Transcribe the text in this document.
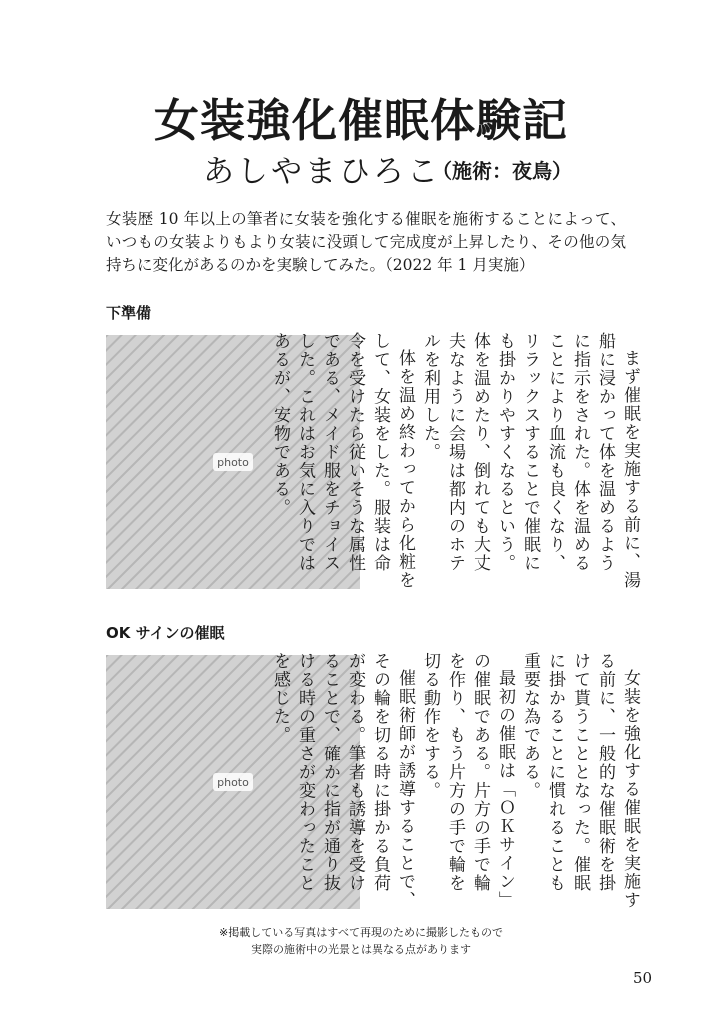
女装強化催眠体験記
あしやまひろこ
（施術：夜鳥）

女装歴 10 年以上の筆者に女装を強化する催眠を施術することによって、いつもの女装よりもより女装に没頭して完成度が上昇したり、その他の気持ちに変化があるのかを実験してみた。（2022 年 1 月実施）

下準備
photo	まず催眠を実施する前に、湯船に浸かって体を温めるように指示をされた。体を温めることにより血流も良くなり、リラックスすることで催眠にも掛かりやすくなるという。体を温めたり、倒れても大丈夫なように会場は都内のホテルを利用した。

体を温め終わってから化粧をして、女装をした。服装は命令を受けたら従いそうな属性である、メイド服をチョイスした。これはお気に入りではあるが、安物である。

OK サインの催眠
photo	女装を強化する催眠を実施する前に、一般的な催眠術を掛けて貰うこととなった。催眠に掛かることに慣れることも重要な為である。

最初の催眠は「ＯＫサイン」の催眠である。片方の手で輪を作り、もう片方の手で輪を切る動作をする。

催眠術師が誘導することで、その輪を切る時に掛かる負荷が変わる。筆者も誘導を受けることで、確かに指が通り抜ける時の重さが変わったことを感じた。

※掲載している写真はすべて再現のために撮影したもので
実際の施術中の光景とは異なる点があります
50
